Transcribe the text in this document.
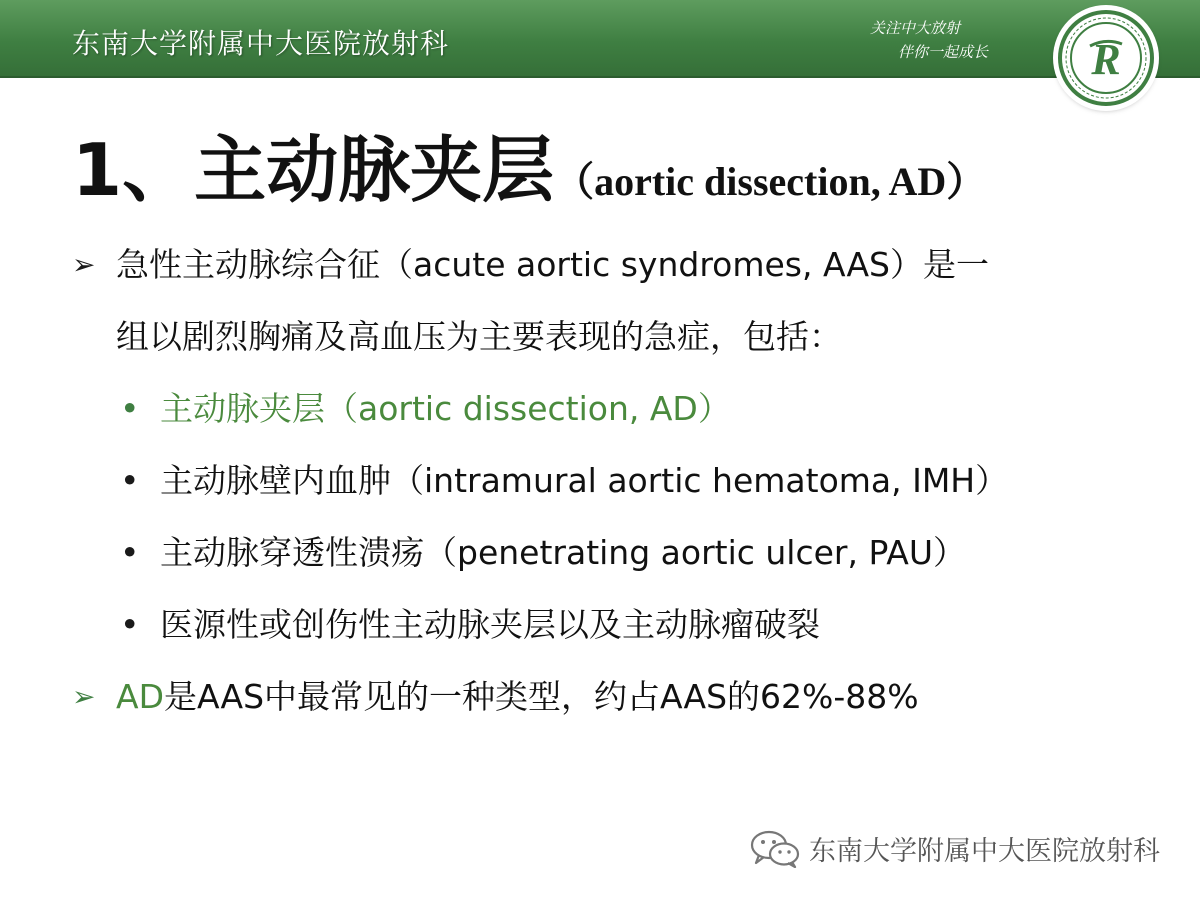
东南大学附属中大医院放射科	关注中大放射
伴你一起成长	R
1、主动脉夹层（aortic dissection, AD）
➢ 急性主动脉综合征（acute aortic syndromes, AAS）是一
组以剧烈胸痛及高血压为主要表现的急症，包括：
• 主动脉夹层（aortic dissection, AD）
• 主动脉壁内血肿（intramural aortic hematoma, IMH）
• 主动脉穿透性溃疡（penetrating aortic ulcer, PAU）
• 医源性或创伤性主动脉夹层以及主动脉瘤破裂
➢ AD是AAS中最常见的一种类型，约占AAS的62%-88%
东南大学附属中大医院放射科
